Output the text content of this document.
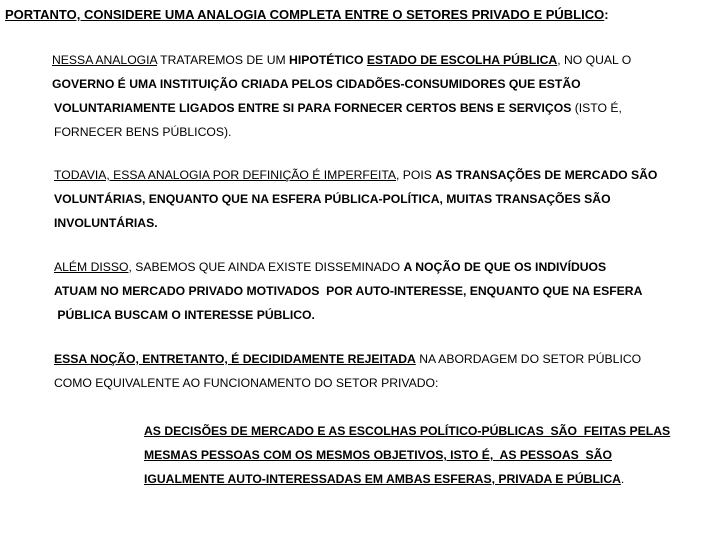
PORTANTO, CONSIDERE UMA ANALOGIA COMPLETA ENTRE O SETORES PRIVADO E PÚBLICO:
NESSA ANALOGIA TRATAREMOS DE UM HIPOTÉTICO ESTADO DE ESCOLHA PÚBLICA, NO QUAL O
GOVERNO É UMA INSTITUIÇÃO CRIADA PELOS CIDADÕES-CONSUMIDORES QUE ESTÃO
VOLUNTARIAMENTE LIGADOS ENTRE SI PARA FORNECER CERTOS BENS E SERVIÇOS (ISTO É,
FORNECER BENS PÚBLICOS).
TODAVIA, ESSA ANALOGIA POR DEFINIÇÃO É IMPERFEITA, POIS AS TRANSAÇÕES DE MERCADO SÃO
VOLUNTÁRIAS, ENQUANTO QUE NA ESFERA PÚBLICA-POLÍTICA, MUITAS TRANSAÇÕES SÃO
INVOLUNTÁRIAS.
ALÉM DISSO, SABEMOS QUE AINDA EXISTE DISSEMINADO A NOÇÃO DE QUE OS INDIVÍDUOS
ATUAM NO MERCADO PRIVADO MOTIVADOS  POR AUTO-INTERESSE, ENQUANTO QUE NA ESFERA
PÚBLICA BUSCAM O INTERESSE PÚBLICO.
ESSA NOÇÃO, ENTRETANTO, É DECIDIDAMENTE REJEITADA NA ABORDAGEM DO SETOR PÚBLICO
COMO EQUIVALENTE AO FUNCIONAMENTO DO SETOR PRIVADO:
AS DECISÕES DE MERCADO E AS ESCOLHAS POLÍTICO-PÚBLICAS  SÃO  FEITAS PELAS
MESMAS PESSOAS COM OS MESMOS OBJETIVOS, ISTO É,  AS PESSOAS  SÃO
IGUALMENTE AUTO-INTERESSADAS EM AMBAS ESFERAS, PRIVADA E PÚBLICA.
